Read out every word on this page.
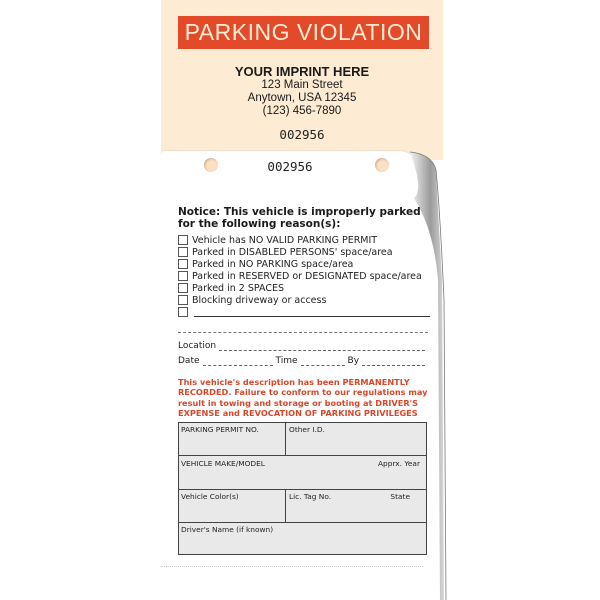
PARKING VIOLATION
YOUR IMPRINT HERE
123 Main Street
Anytown, USA 12345
(123) 456-7890
002956
002956
Notice: This vehicle is improperly parked for the following reason(s):
Vehicle has NO VALID PARKING PERMIT
Parked in DISABLED PERSONS' space/area
Parked in NO PARKING space/area
Parked in RESERVED or DESIGNATED space/area
Parked in 2 SPACES
Blocking driveway or access
Location
Date	Time	By
This vehicle's description has been PERMANENTLY RECORDED. Failure to conform to our regulations may result in towing and storage or booting at DRIVER'S EXPENSE and REVOCATION OF PARKING PRIVILEGES
PARKING PERMIT NO.	Other I.D.
VEHICLE MAKE/MODEL	Apprx. Year
Vehicle Color(s)	Lic. Tag No.	State
Driver's Name (if known)
